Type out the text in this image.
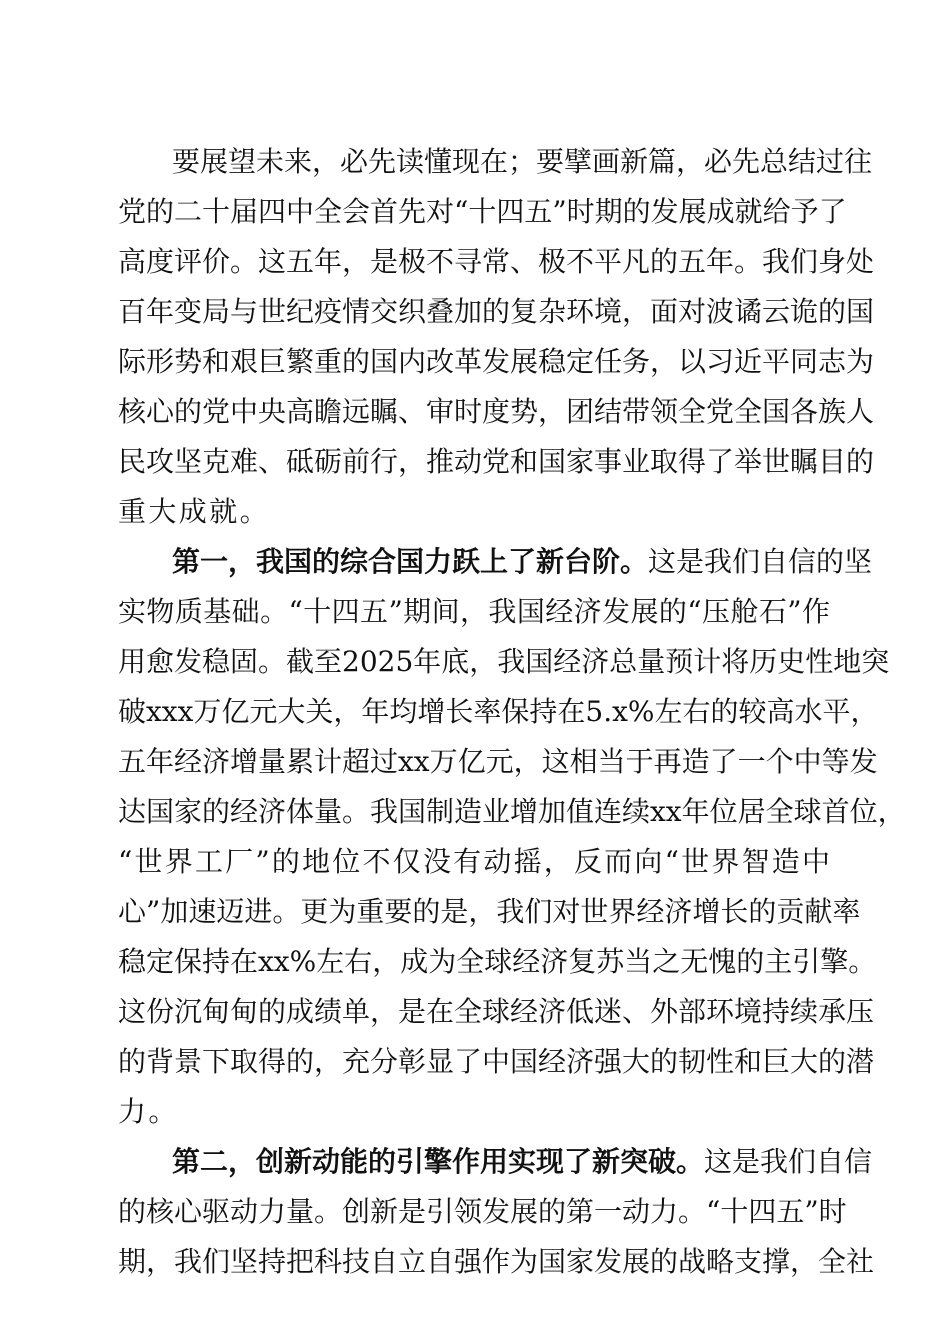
要展望未来，必先读懂现在；要擘画新篇，必先总结过往
党的二十届四中全会首先对“十四五”时期的发展成就给予了
高度评价。这五年，是极不寻常、极不平凡的五年。我们身处
百年变局与世纪疫情交织叠加的复杂环境，面对波谲云诡的国
际形势和艰巨繁重的国内改革发展稳定任务，以习近平同志为
核心的党中央高瞻远瞩、审时度势，团结带领全党全国各族人
民攻坚克难、砥砺前行，推动党和国家事业取得了举世瞩目的
重大成就。
第一，我国的综合国力跃上了新台阶。这是我们自信的坚
实物质基础。“十四五”期间，我国经济发展的“压舱石”作
用愈发稳固。截至2025年底，我国经济总量预计将历史性地突
破xxx万亿元大关，年均增长率保持在5.x%左右的较高水平，
五年经济增量累计超过xx万亿元，这相当于再造了一个中等发
达国家的经济体量。我国制造业增加值连续xx年位居全球首位，
“世界工厂”的地位不仅没有动摇，反而向“世界智造中
心”加速迈进。更为重要的是，我们对世界经济增长的贡献率
稳定保持在xx%左右，成为全球经济复苏当之无愧的主引擎。
这份沉甸甸的成绩单，是在全球经济低迷、外部环境持续承压
的背景下取得的，充分彰显了中国经济强大的韧性和巨大的潜
力。
第二，创新动能的引擎作用实现了新突破。这是我们自信
的核心驱动力量。创新是引领发展的第一动力。“十四五”时
期，我们坚持把科技自立自强作为国家发展的战略支撑，全社
